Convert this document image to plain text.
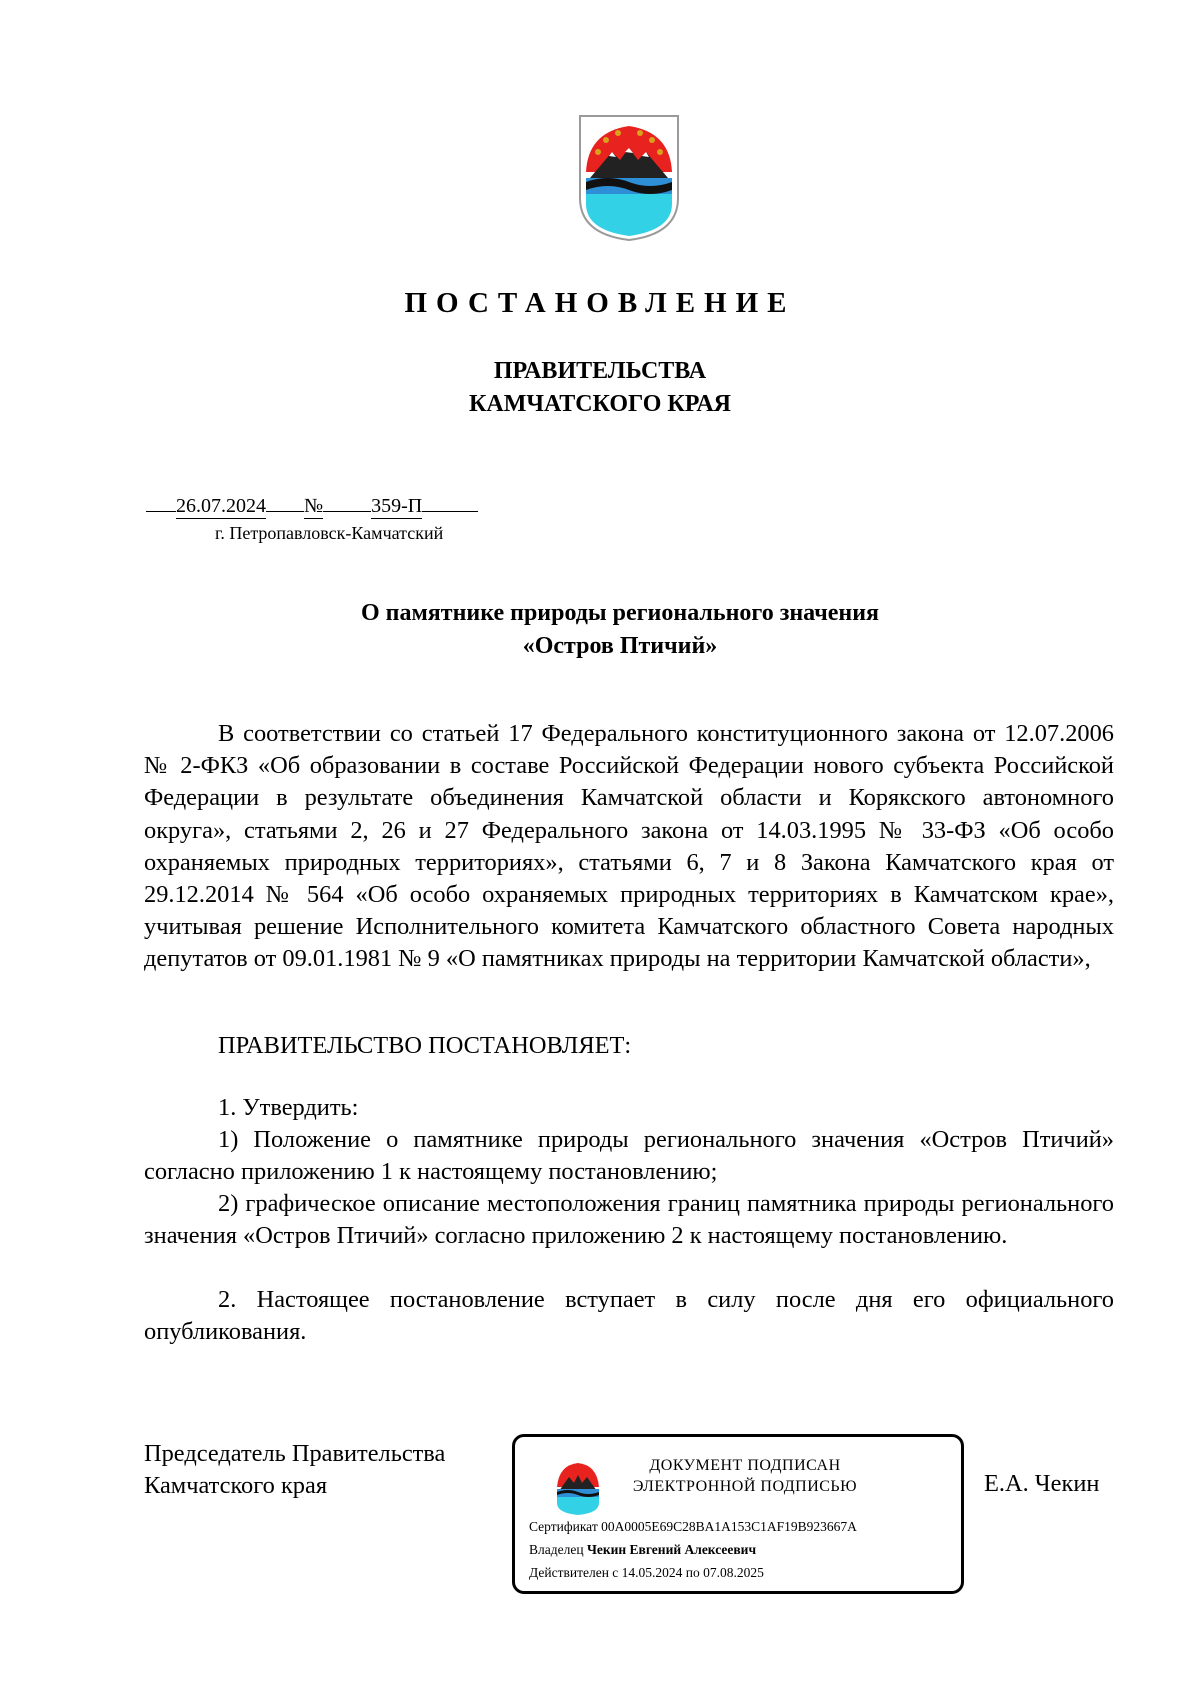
ПОСТАНОВЛЕНИЕ
ПРАВИТЕЛЬСТВА
КАМЧАТСКОГО КРАЯ
26.07.2024 № 359-П
г. Петропавловск-Камчатский
О памятнике природы регионального значения
«Остров Птичий»
В соответствии со статьей 17 Федерального конституционного закона от 12.07.2006 № 2-ФКЗ «Об образовании в составе Российской Федерации нового субъекта Российской Федерации в результате объединения Камчатской области и Корякского автономного округа», статьями 2, 26 и 27 Федерального закона от 14.03.1995 № 33-ФЗ «Об особо охраняемых природных территориях», статьями 6, 7 и 8 Закона Камчатского края от 29.12.2014 № 564 «Об особо охраняемых природных территориях в Камчатском крае», учитывая решение Исполнительного комитета Камчатского областного Совета народных депутатов от 09.01.1981 № 9 «О памятниках природы на территории Камчатской области»,
ПРАВИТЕЛЬСТВО ПОСТАНОВЛЯЕТ:
1. Утвердить:
1) Положение о памятнике природы регионального значения «Остров Птичий» согласно приложению 1 к настоящему постановлению;
2) графическое описание местоположения границ памятника природы регионального значения «Остров Птичий» согласно приложению 2 к настоящему постановлению.
2. Настоящее постановление вступает в силу после дня его официального опубликования.
Председатель Правительства
Камчатского края
ДОКУМЕНТ ПОДПИСАН
ЭЛЕКТРОННОЙ ПОДПИСЬЮ
Сертификат 00A0005E69C28BA1A153C1AF19B923667A
Владелец Чекин Евгений Алексеевич
Действителен с 14.05.2024 по 07.08.2025
Е.А. Чекин
